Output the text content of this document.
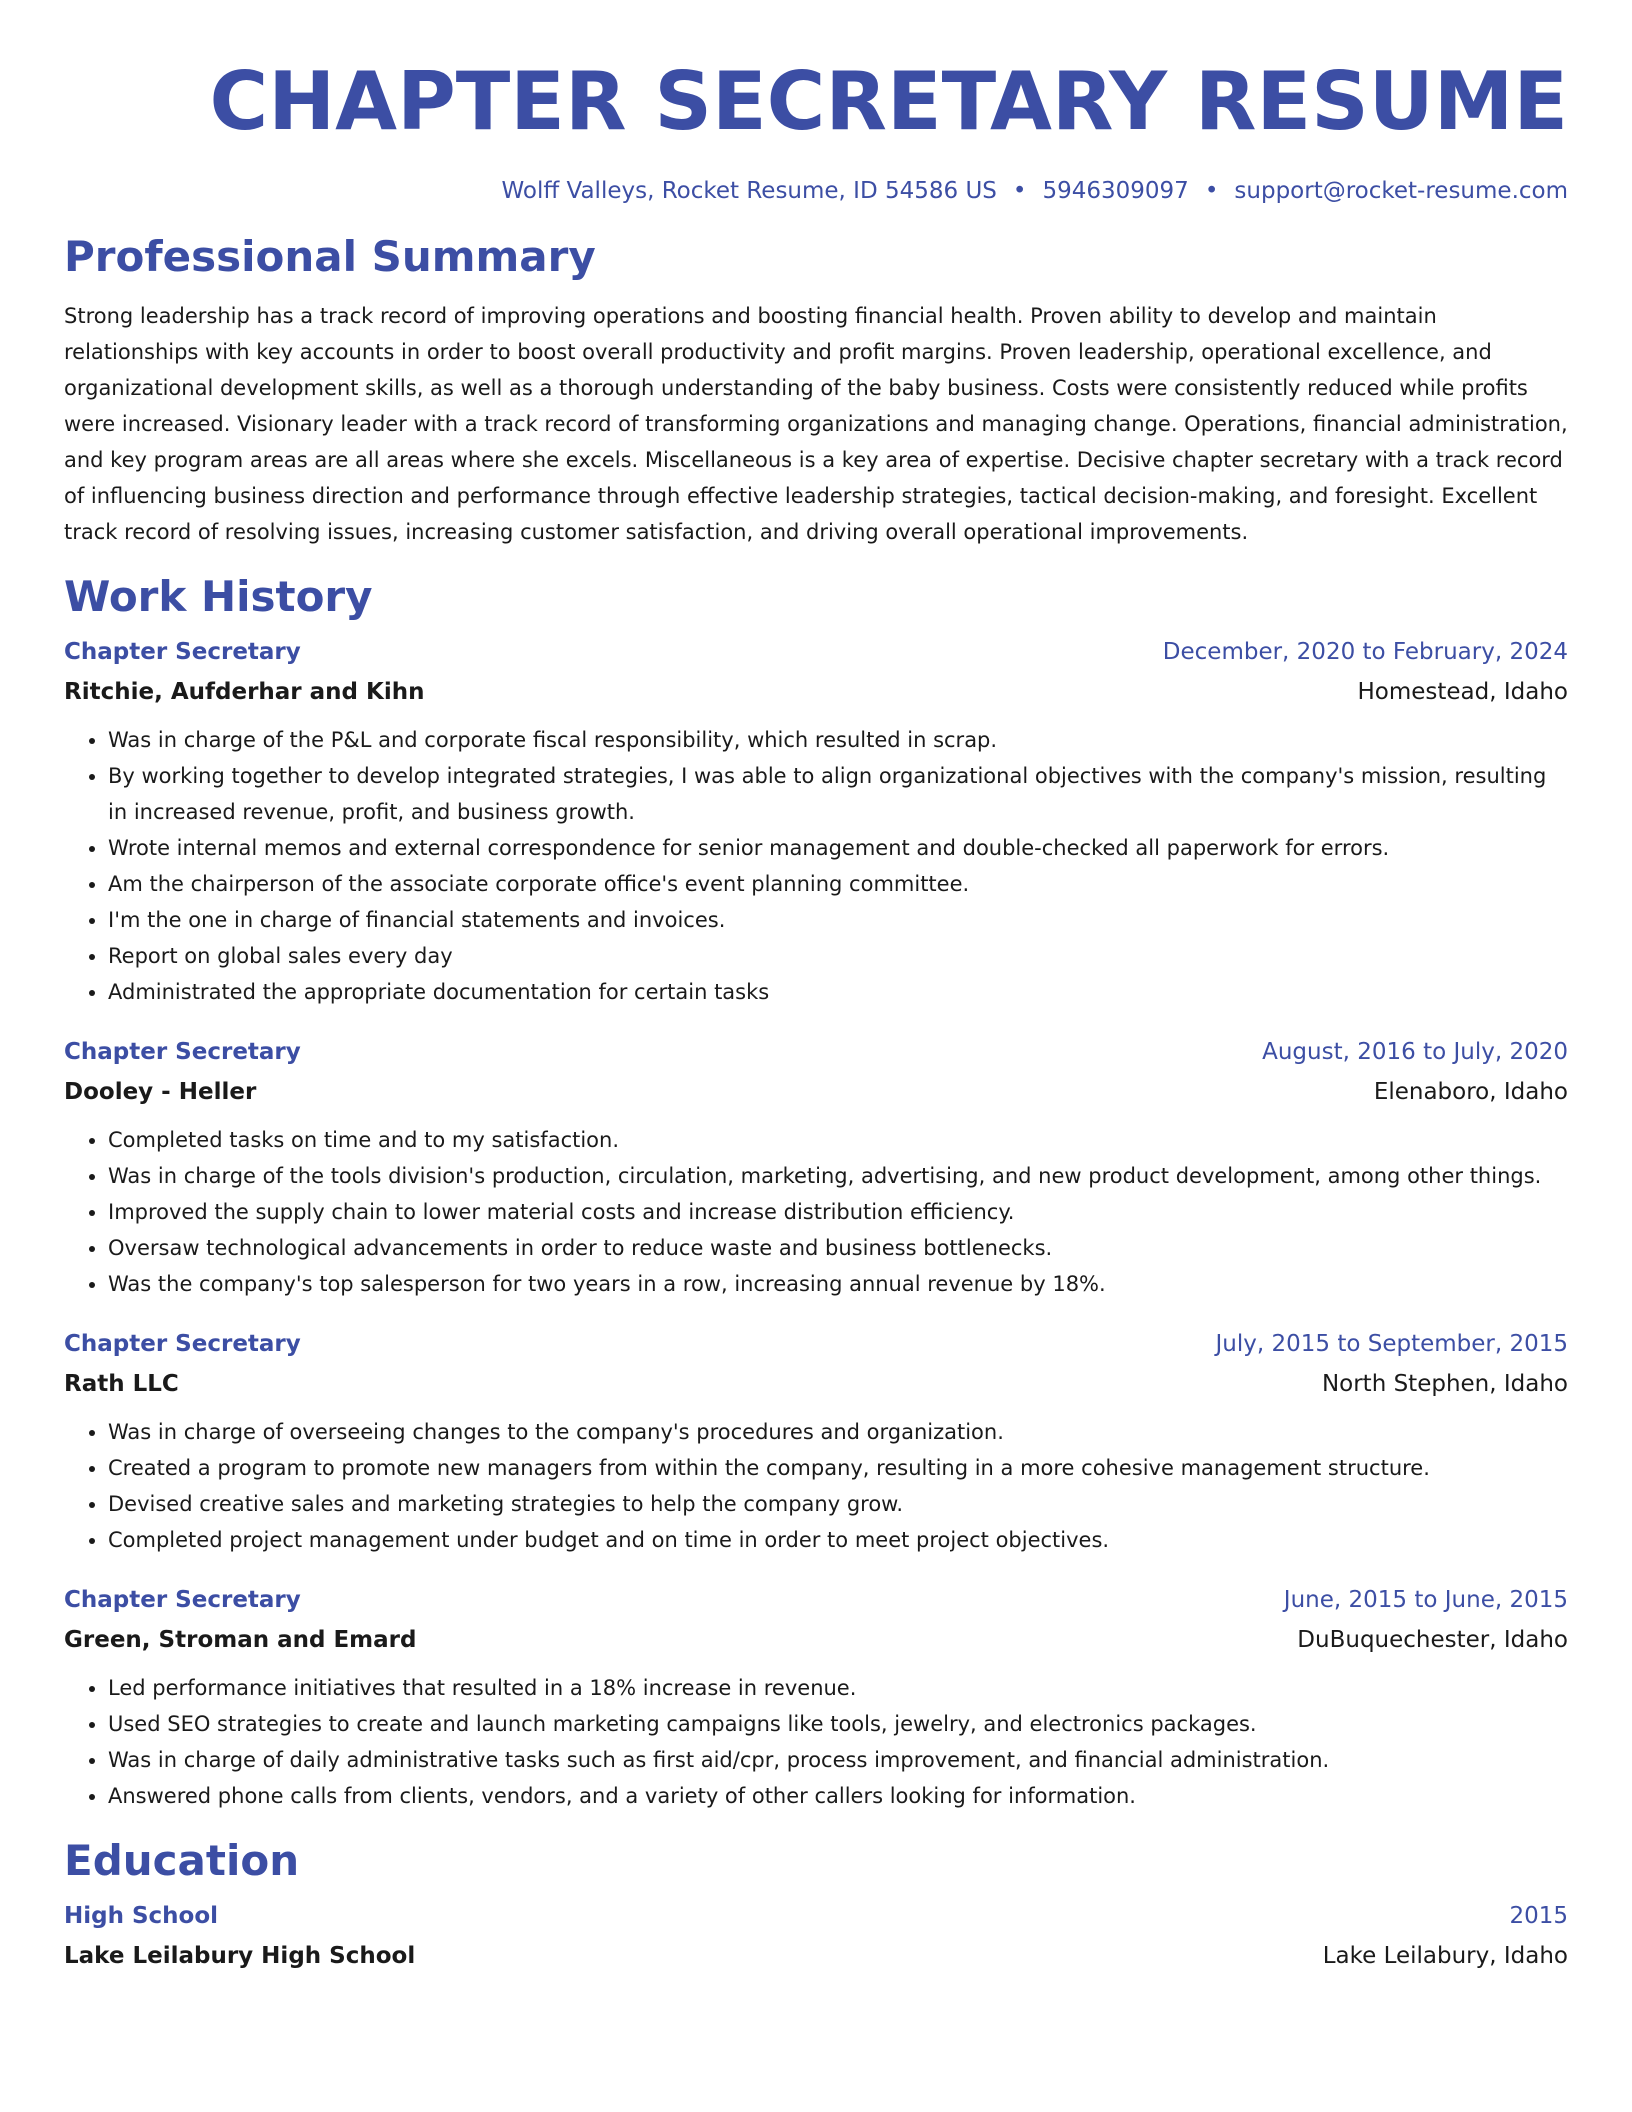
CHAPTER SECRETARY RESUME
Wolff Valleys, Rocket Resume, ID 54586 US • 5946309097 • support@rocket-resume.com
Professional Summary

Strong leadership has a track record of improving operations and boosting financial health. Proven ability to develop and maintain relationships with key accounts in order to boost overall productivity and profit margins. Proven leadership, operational excellence, and organizational development skills, as well as a thorough understanding of the baby business. Costs were consistently reduced while profits were increased. Visionary leader with a track record of transforming organizations and managing change. Operations, financial administration, and key program areas are all areas where she excels. Miscellaneous is a key area of expertise. Decisive chapter secretary with a track record of influencing business direction and performance through effective leadership strategies, tactical decision-making, and foresight. Excellent track record of resolving issues, increasing customer satisfaction, and driving overall operational improvements.

Work History
Chapter Secretary	December, 2020 to February, 2024
Ritchie, Aufderhar and Kihn	Homestead, Idaho
• Was in charge of the P&L and corporate fiscal responsibility, which resulted in scrap.
• By working together to develop integrated strategies, I was able to align organizational objectives with the company's mission, resulting in increased revenue, profit, and business growth.
• Wrote internal memos and external correspondence for senior management and double-checked all paperwork for errors.
• Am the chairperson of the associate corporate office's event planning committee.
• I'm the one in charge of financial statements and invoices.
• Report on global sales every day
• Administrated the appropriate documentation for certain tasks
Chapter Secretary	August, 2016 to July, 2020
Dooley - Heller	Elenaboro, Idaho
• Completed tasks on time and to my satisfaction.
• Was in charge of the tools division's production, circulation, marketing, advertising, and new product development, among other things.
• Improved the supply chain to lower material costs and increase distribution efficiency.
• Oversaw technological advancements in order to reduce waste and business bottlenecks.
• Was the company's top salesperson for two years in a row, increasing annual revenue by 18%.
Chapter Secretary	July, 2015 to September, 2015
Rath LLC	North Stephen, Idaho
• Was in charge of overseeing changes to the company's procedures and organization.
• Created a program to promote new managers from within the company, resulting in a more cohesive management structure.
• Devised creative sales and marketing strategies to help the company grow.
• Completed project management under budget and on time in order to meet project objectives.
Chapter Secretary	June, 2015 to June, 2015
Green, Stroman and Emard	DuBuquechester, Idaho
• Led performance initiatives that resulted in a 18% increase in revenue.
• Used SEO strategies to create and launch marketing campaigns like tools, jewelry, and electronics packages.
• Was in charge of daily administrative tasks such as first aid/cpr, process improvement, and financial administration.
• Answered phone calls from clients, vendors, and a variety of other callers looking for information.
Education
High School	2015
Lake Leilabury High School	Lake Leilabury, Idaho
